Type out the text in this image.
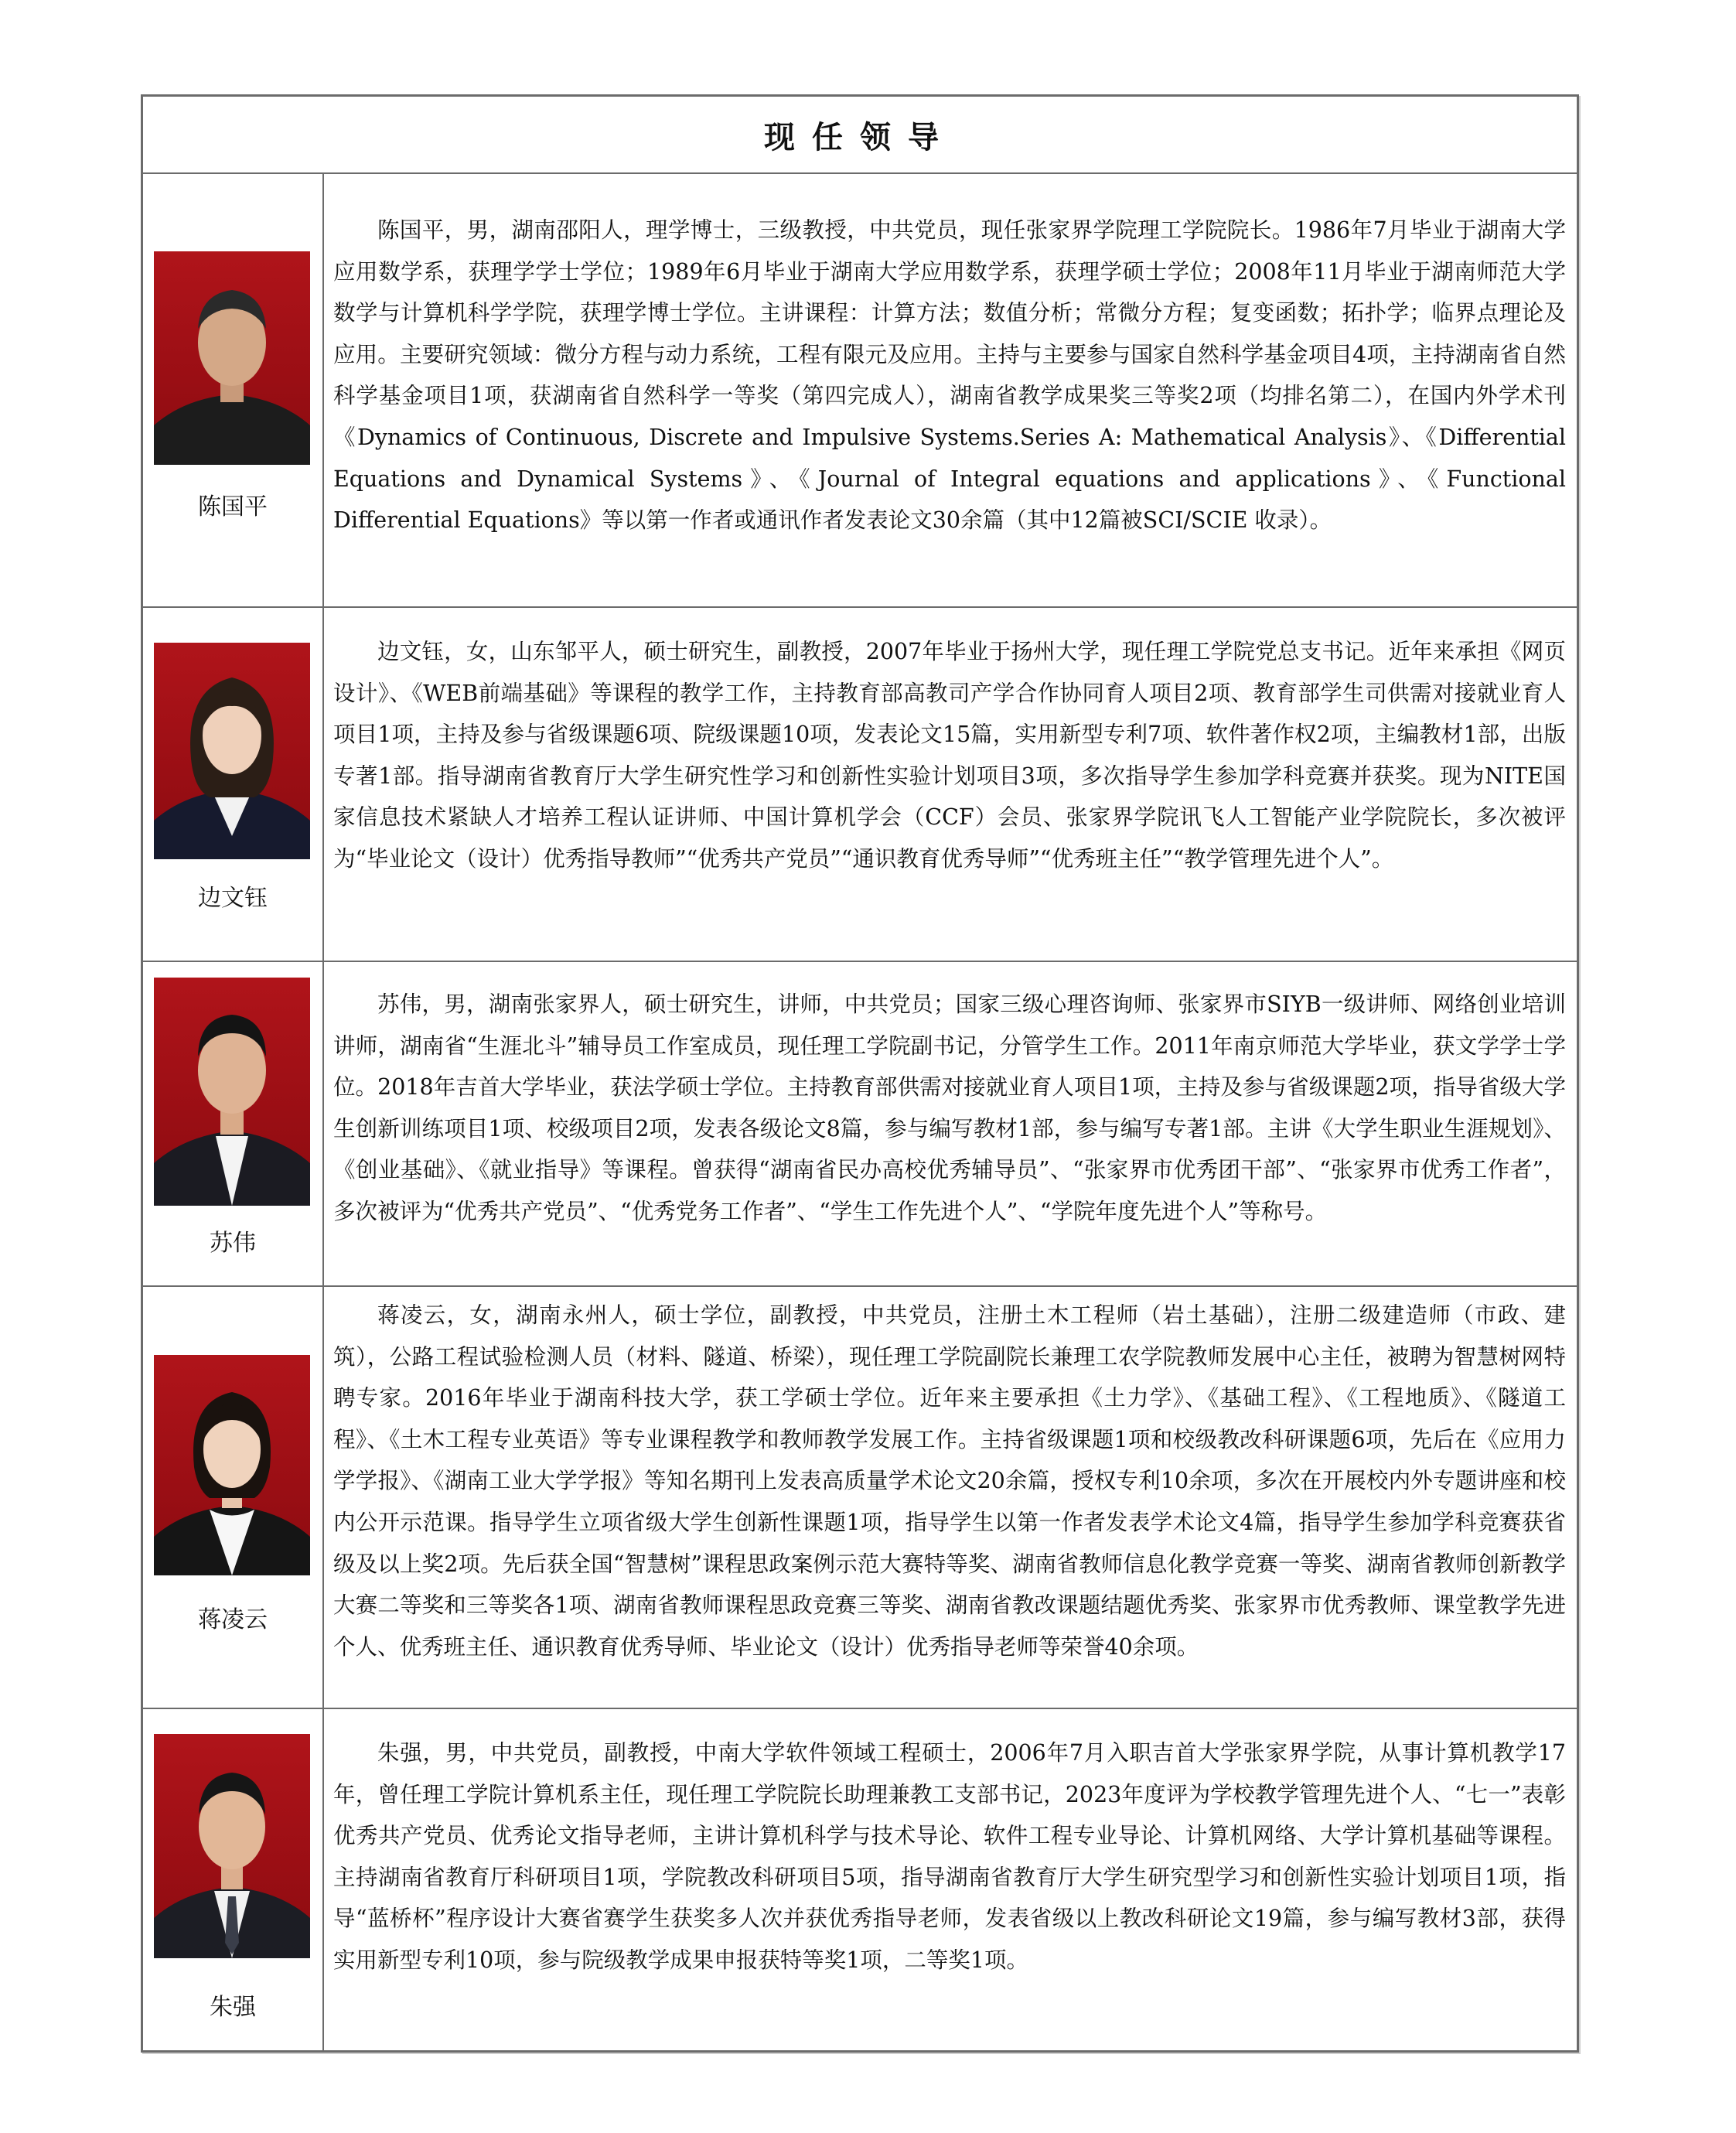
现任领导
陈国平

陈国平，男，湖南邵阳人，理学博士，三级教授，中共党员，现任张家界学院理工学院院长。1986年7月毕业于湖南大学应用数学系，获理学学士学位；1989年6月毕业于湖南大学应用数学系，获理学硕士学位；2008年11月毕业于湖南师范大学数学与计算机科学学院，获理学博士学位。主讲课程：计算方法；数值分析；常微分方程；复变函数；拓扑学；临界点理论及应用。主要研究领域：微分方程与动力系统，工程有限元及应用。主持与主要参与国家自然科学基金项目4项，主持湖南省自然科学基金项目1项，获湖南省自然科学一等奖（第四完成人），湖南省教学成果奖三等奖2项（均排名第二），在国内外学术刊《Dynamics of Continuous, Discrete and Impulsive Systems.Series A: Mathematical Analysis》、《Differential Equations and Dynamical Systems》、《Journal of Integral equations and applications》、《Functional Differential Equations》等以第一作者或通讯作者发表论文30余篇（其中12篇被SCI/SCIE 收录）。

边文钰

边文钰，女，山东邹平人，硕士研究生，副教授，2007年毕业于扬州大学，现任理工学院党总支书记。近年来承担《网页设计》、《WEB前端基础》等课程的教学工作，主持教育部高教司产学合作协同育人项目2项、教育部学生司供需对接就业育人项目1项，主持及参与省级课题6项、院级课题10项，发表论文15篇，实用新型专利7项、软件著作权2项，主编教材1部，出版专著1部。指导湖南省教育厅大学生研究性学习和创新性实验计划项目3项，多次指导学生参加学科竞赛并获奖。现为NITE国家信息技术紧缺人才培养工程认证讲师、中国计算机学会（CCF）会员、张家界学院讯飞人工智能产业学院院长，多次被评为“毕业论文（设计）优秀指导教师”“优秀共产党员”“通识教育优秀导师”“优秀班主任”“教学管理先进个人”。

苏伟

苏伟，男，湖南张家界人，硕士研究生，讲师，中共党员；国家三级心理咨询师、张家界市SIYB一级讲师、网络创业培训讲师，湖南省“生涯北斗”辅导员工作室成员，现任理工学院副书记，分管学生工作。2011年南京师范大学毕业，获文学学士学位。2018年吉首大学毕业，获法学硕士学位。主持教育部供需对接就业育人项目1项，主持及参与省级课题2项，指导省级大学生创新训练项目1项、校级项目2项，发表各级论文8篇，参与编写教材1部，参与编写专著1部。主讲《大学生职业生涯规划》、《创业基础》、《就业指导》等课程。曾获得“湖南省民办高校优秀辅导员”、“张家界市优秀团干部”、“张家界市优秀工作者”，多次被评为“优秀共产党员”、“优秀党务工作者”、“学生工作先进个人”、“学院年度先进个人”等称号。

蒋凌云

蒋凌云，女，湖南永州人，硕士学位，副教授，中共党员，注册土木工程师（岩土基础），注册二级建造师（市政、建筑），公路工程试验检测人员（材料、隧道、桥梁），现任理工学院副院长兼理工农学院教师发展中心主任，被聘为智慧树网特聘专家。2016年毕业于湖南科技大学，获工学硕士学位。近年来主要承担《土力学》、《基础工程》、《工程地质》、《隧道工程》、《土木工程专业英语》等专业课程教学和教师教学发展工作。主持省级课题1项和校级教改科研课题6项，先后在《应用力学学报》、《湖南工业大学学报》等知名期刊上发表高质量学术论文20余篇，授权专利10余项，多次在开展校内外专题讲座和校内公开示范课。指导学生立项省级大学生创新性课题1项，指导学生以第一作者发表学术论文4篇，指导学生参加学科竞赛获省级及以上奖2项。先后获全国“智慧树”课程思政案例示范大赛特等奖、湖南省教师信息化教学竞赛一等奖、湖南省教师创新教学大赛二等奖和三等奖各1项、湖南省教师课程思政竞赛三等奖、湖南省教改课题结题优秀奖、张家界市优秀教师、课堂教学先进个人、优秀班主任、通识教育优秀导师、毕业论文（设计）优秀指导老师等荣誉40余项。

朱强

朱强，男，中共党员，副教授，中南大学软件领域工程硕士，2006年7月入职吉首大学张家界学院，从事计算机教学17年，曾任理工学院计算机系主任，现任理工学院院长助理兼教工支部书记，2023年度评为学校教学管理先进个人、“七一”表彰优秀共产党员、优秀论文指导老师，主讲计算机科学与技术导论、软件工程专业导论、计算机网络、大学计算机基础等课程。主持湖南省教育厅科研项目1项，学院教改科研项目5项，指导湖南省教育厅大学生研究型学习和创新性实验计划项目1项，指导“蓝桥杯”程序设计大赛省赛学生获奖多人次并获优秀指导老师，发表省级以上教改科研论文19篇，参与编写教材3部，获得实用新型专利10项，参与院级教学成果申报获特等奖1项，二等奖1项。
